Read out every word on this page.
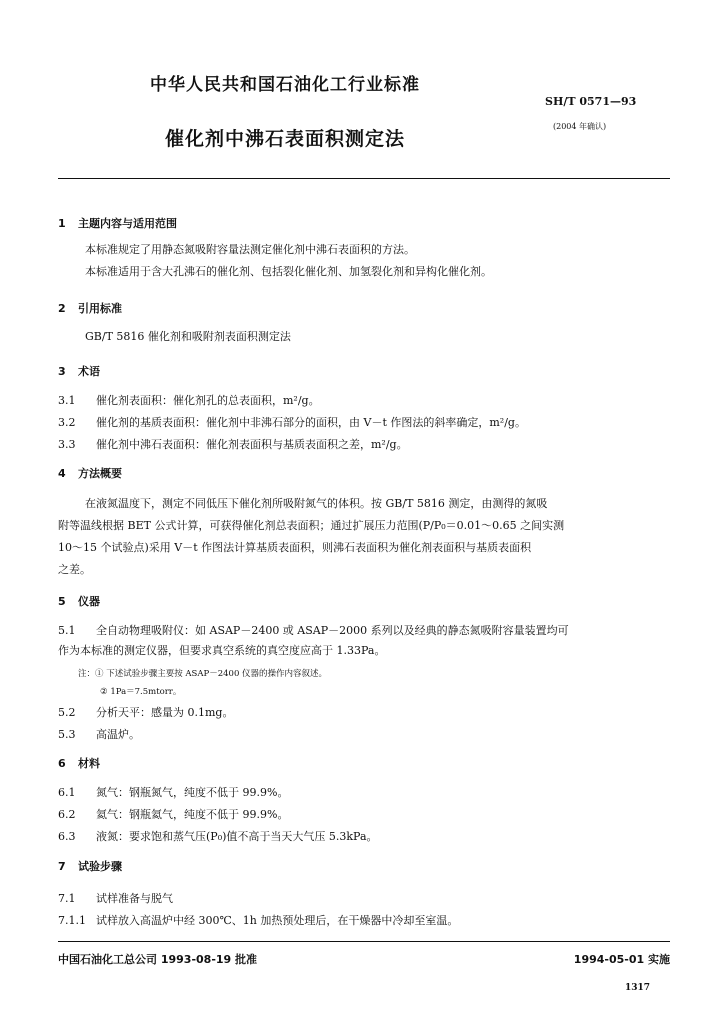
中华人民共和国石油化工行业标准
SH/T 0571—93
催化剂中沸石表面积测定法
(2004 年确认)
1 主题内容与适用范围
本标准规定了用静态氮吸附容量法测定催化剂中沸石表面积的方法。
本标准适用于含大孔沸石的催化剂、包括裂化催化剂、加氢裂化剂和异构化催化剂。
2 引用标准
GB/T 5816 催化剂和吸附剂表面积测定法
3 术语
3.1 催化剂表面积：催化剂孔的总表面积，m²/g。
3.2 催化剂的基质表面积：催化剂中非沸石部分的面积，由 V－t 作图法的斜率确定，m²/g。
3.3 催化剂中沸石表面积：催化剂表面积与基质表面积之差，m²/g。
4 方法概要
在液氮温度下，测定不同低压下催化剂所吸附氮气的体积。按 GB/T 5816 测定，由测得的氮吸
附等温线根据 BET 公式计算，可获得催化剂总表面积；通过扩展压力范围(P/P₀＝0.01～0.65 之间实测
10～15 个试验点)采用 V－t 作图法计算基质表面积，则沸石表面积为催化剂表面积与基质表面积
之差。
5 仪器
5.1 全自动物理吸附仪：如 ASAP－2400 或 ASAP－2000 系列以及经典的静态氮吸附容量装置均可
作为本标准的测定仪器，但要求真空系统的真空度应高于 1.33Pa。
注：① 下述试验步骤主要按 ASAP－2400 仪器的操作内容叙述。
② 1Pa＝7.5mtorr。
5.2 分析天平：感量为 0.1mg。
5.3 高温炉。
6 材料
6.1 氮气：钢瓶氮气，纯度不低于 99.9%。
6.2 氦气：钢瓶氦气，纯度不低于 99.9%。
6.3 液氮：要求饱和蒸气压(P₀)值不高于当天大气压 5.3kPa。
7 试验步骤
7.1 试样准备与脱气
7.1.1 试样放入高温炉中经 300℃、1h 加热预处理后，在干燥器中冷却至室温。
中国石油化工总公司 1993-08-19 批准	1994-05-01 实施
1317
